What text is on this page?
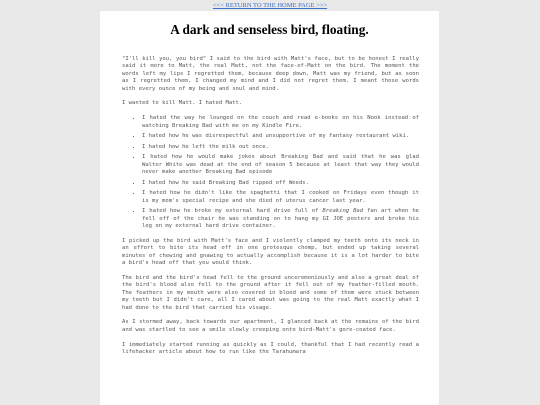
<<< RETURN TO THE HOME PAGE >>>
A dark and senseless bird, floating.

"I'll kill you, you bird" I said to the bird with Matt's face, but to be honest I really said it more to Matt, the real Matt, not the face-of-Matt on the bird. The moment the words left my lips I regretted them, because deep down, Matt was my friend, but as soon as I regretted them, I changed my mind and I did not regret them. I meant those words with every ounce of my being and soul and mind.

I wanted to kill Matt. I hated Matt.

• I hated the way he lounged on the couch and read e-books on his Nook instead of watching Breaking Bad with me on my Kindle Fire.
• I hated how he was disrespectful and unsupportive of my fantasy restaurant wiki.
• I hated how he left the milk out once.
• I hated how he would make jokes about Breaking Bad and said that he was glad Walter White was dead at the end of season 5 because at least that way they would never make another Breaking Bad episode
• I hated how he said Breaking Bad ripped off Weeds.
• I hated how he didn't like the spaghetti that I cooked on Fridays even though it is my mom's special recipe and she died of uterus cancer last year.
• I hated how he broke my external hard drive full of Breaking Bad fan art when he fell off of the chair he was standing on to hang my GI JOE posters and broke his leg on my external hard drive container.

I picked up the bird with Matt's face and I violently clamped my teeth onto its neck in an effort to bite its head off in one grotesque chomp, but ended up taking several minutes of chewing and gnawing to actually accomplish because it is a lot harder to bite a bird's head off that you would think.

The bird and the bird's head fell to the ground unceremoniously and also a great deal of the bird's blood also fell to the ground after it fell out of my feather-filled mouth. The feathers in my mouth were also covered in blood and some of them were stuck between my teeth but I didn't care, all I cared about was going to the real Matt exactly what I had done to the bird that carried his visage.

As I stormed away, back towards our apartment, I glanced back at the remains of the bird and was startled to see a smile slowly creeping onto bird-Matt's gore-coated face.

I immediately started running as quickly as I could, thankful that I had recently read a lifehacker article about how to run like the Tarahumara
